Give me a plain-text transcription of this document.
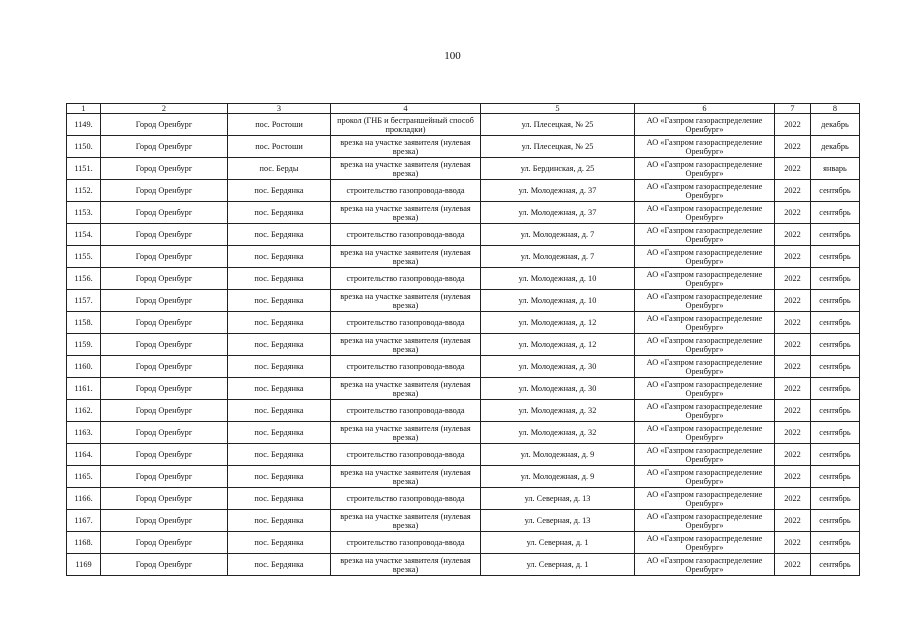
100
1	2	3	4	5	6	7	8
1149.	Город Оренбург	пос. Ростоши	прокол (ГНБ и бестраншейный способ прокладки)	ул. Плесецкая, № 25	АО «Газпром газораспределение Оренбург»	2022	декабрь
1150.	Город Оренбург	пос. Ростоши	врезка на участке заявителя (нулевая врезка)	ул. Плесецкая, № 25	АО «Газпром газораспределение Оренбург»	2022	декабрь
1151.	Город Оренбург	пос. Берды	врезка на участке заявителя (нулевая врезка)	ул. Бердинская, д. 25	АО «Газпром газораспределение Оренбург»	2022	январь
1152.	Город Оренбург	пос. Бердянка	строительство газопровода-ввода	ул. Молодежная, д. 37	АО «Газпром газораспределение Оренбург»	2022	сентябрь
1153.	Город Оренбург	пос. Бердянка	врезка на участке заявителя (нулевая врезка)	ул. Молодежная, д. 37	АО «Газпром газораспределение Оренбург»	2022	сентябрь
1154.	Город Оренбург	пос. Бердянка	строительство газопровода-ввода	ул. Молодежная, д. 7	АО «Газпром газораспределение Оренбург»	2022	сентябрь
1155.	Город Оренбург	пос. Бердянка	врезка на участке заявителя (нулевая врезка)	ул. Молодежная, д. 7	АО «Газпром газораспределение Оренбург»	2022	сентябрь
1156.	Город Оренбург	пос. Бердянка	строительство газопровода-ввода	ул. Молодежная, д. 10	АО «Газпром газораспределение Оренбург»	2022	сентябрь
1157.	Город Оренбург	пос. Бердянка	врезка на участке заявителя (нулевая врезка)	ул. Молодежная, д. 10	АО «Газпром газораспределение Оренбург»	2022	сентябрь
1158.	Город Оренбург	пос. Бердянка	строительство газопровода-ввода	ул. Молодежная, д. 12	АО «Газпром газораспределение Оренбург»	2022	сентябрь
1159.	Город Оренбург	пос. Бердянка	врезка на участке заявителя (нулевая врезка)	ул. Молодежная, д. 12	АО «Газпром газораспределение Оренбург»	2022	сентябрь
1160.	Город Оренбург	пос. Бердянка	строительство газопровода-ввода	ул. Молодежная, д. 30	АО «Газпром газораспределение Оренбург»	2022	сентябрь
1161.	Город Оренбург	пос. Бердянка	врезка на участке заявителя (нулевая врезка)	ул. Молодежная, д. 30	АО «Газпром газораспределение Оренбург»	2022	сентябрь
1162.	Город Оренбург	пос. Бердянка	строительство газопровода-ввода	ул. Молодежная, д. 32	АО «Газпром газораспределение Оренбург»	2022	сентябрь
1163.	Город Оренбург	пос. Бердянка	врезка на участке заявителя (нулевая врезка)	ул. Молодежная, д. 32	АО «Газпром газораспределение Оренбург»	2022	сентябрь
1164.	Город Оренбург	пос. Бердянка	строительство газопровода-ввода	ул. Молодежная, д. 9	АО «Газпром газораспределение Оренбург»	2022	сентябрь
1165.	Город Оренбург	пос. Бердянка	врезка на участке заявителя (нулевая врезка)	ул. Молодежная, д. 9	АО «Газпром газораспределение Оренбург»	2022	сентябрь
1166.	Город Оренбург	пос. Бердянка	строительство газопровода-ввода	ул. Северная, д. 13	АО «Газпром газораспределение Оренбург»	2022	сентябрь
1167.	Город Оренбург	пос. Бердянка	врезка на участке заявителя (нулевая врезка)	ул. Северная, д. 13	АО «Газпром газораспределение Оренбург»	2022	сентябрь
1168.	Город Оренбург	пос. Бердянка	строительство газопровода-ввода	ул. Северная, д. 1	АО «Газпром газораспределение Оренбург»	2022	сентябрь
1169	Город Оренбург	пос. Бердянка	врезка на участке заявителя (нулевая врезка)	ул. Северная, д. 1	АО «Газпром газораспределение Оренбург»	2022	сентябрь
